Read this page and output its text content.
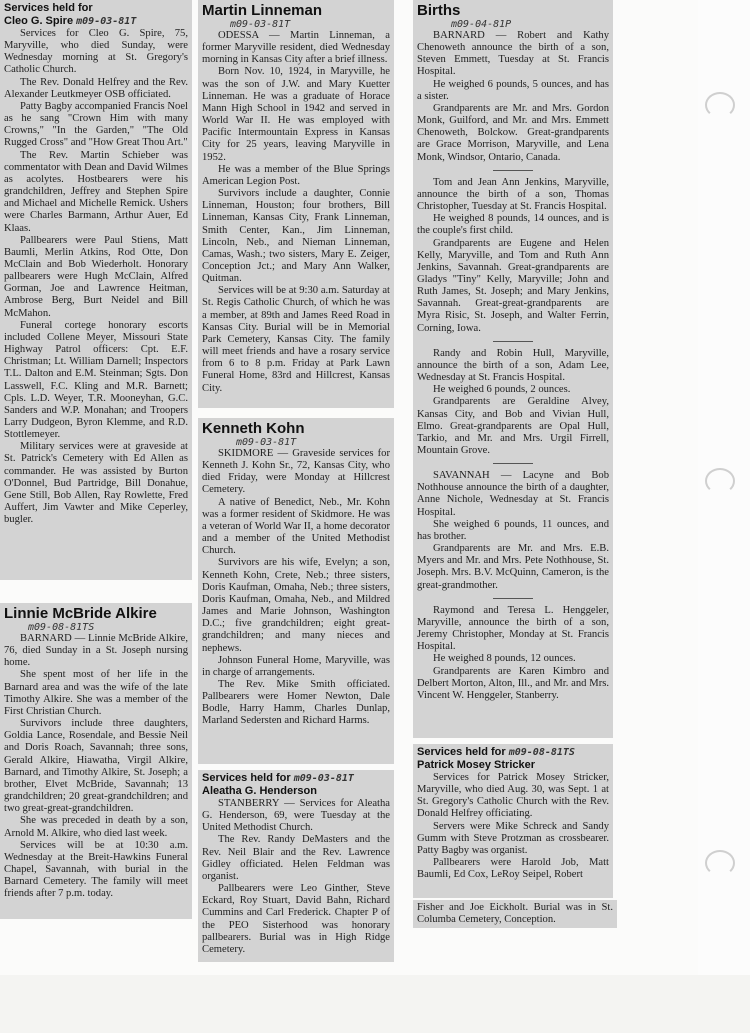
Services held for
Cleo G. Spire m09-03-81T

Services for Cleo G. Spire, 75, Maryville, who died Sunday, were Wednesday morning at St. Gregory's Catholic Church.

The Rev. Donald Helfrey and the Rev. Alexander Leutkmeyer OSB officiated.

Patty Bagby accompanied Francis Noel as he sang "Crown Him with many Crowns," "In the Garden," "The Old Rugged Cross" and "How Great Thou Art."

The Rev. Martin Schieber was commentator with Dean and David Wilmes as acolytes. Hostbearers were his grandchildren, Jeffrey and Stephen Spire and Michael and Michelle Remick. Ushers were Charles Barmann, Arthur Auer, Ed Klaas.

Pallbearers were Paul Stiens, Matt Baumli, Merlin Atkins, Rod Otte, Don McClain and Bob Wiederholt. Honorary pallbearers were Hugh McClain, Alfred Gorman, Joe and Lawrence Heitman, Ambrose Berg, Burt Neidel and Bill McMahon.

Funeral cortege honorary escorts included Collene Meyer, Missouri State Highway Patrol officers: Cpt. E.F. Christman; Lt. William Darnell; Inspectors T.L. Dalton and E.M. Steinman; Sgts. Don Lasswell, F.C. Kling and M.R. Barnett; Cpls. L.D. Weyer, T.R. Mooneyhan, G.C. Sanders and W.P. Monahan; and Troopers Larry Dudgeon, Byron Klemme, and R.D. Stottlemeyer.

Military services were at graveside at St. Patrick's Cemetery with Ed Allen as commander. He was assisted by Burton O'Donnel, Bud Partridge, Bill Donahue, Gene Still, Bob Allen, Ray Rowlette, Fred Auffert, Jim Vawter and Mike Ceperley, bugler.

Linnie McBride Alkire
m09-08-81TS

BARNARD — Linnie McBride Alkire, 76, died Sunday in a St. Joseph nursing home.

She spent most of her life in the Barnard area and was the wife of the late Timothy Alkire. She was a member of the First Christian Church.

Survivors include three daughters, Goldia Lance, Rosendale, and Bessie Neil and Doris Roach, Savannah; three sons, Gerald Alkire, Hiawatha, Virgil Alkire, Barnard, and Timothy Alkire, St. Joseph; a brother, Elvet McBride, Savannah; 13 grandchildren; 20 great-grandchildren; and two great-great-grandchildren.

She was preceded in death by a son, Arnold M. Alkire, who died last week.

Services will be at 10:30 a.m. Wednesday at the Breit-Hawkins Funeral Chapel, Savannah, with burial in the Barnard Cemetery. The family will meet friends after 7 p.m. today.

Martin Linneman
m09-03-81T

ODESSA — Martin Linneman, a former Maryville resident, died Wednesday morning in Kansas City after a brief illness.

Born Nov. 10, 1924, in Maryville, he was the son of J.W. and Mary Kuetter Linneman. He was a graduate of Horace Mann High School in 1942 and served in World War II. He was employed with Pacific Intermountain Express in Kansas City for 25 years, leaving Maryville in 1952.

He was a member of the Blue Springs American Legion Post.

Survivors include a daughter, Connie Linneman, Houston; four brothers, Bill Linneman, Kansas City, Frank Linneman, Smith Center, Kan., Jim Linneman, Lincoln, Neb., and Nieman Linneman, Camas, Wash.; two sisters, Mary E. Zeiger, Conception Jct.; and Mary Ann Walker, Quitman.

Services will be at 9:30 a.m. Saturday at St. Regis Catholic Church, of which he was a member, at 89th and James Reed Road in Kansas City. Burial will be in Memorial Park Cemetery, Kansas City. The family will meet friends and have a rosary service from 6 to 8 p.m. Friday at Park Lawn Funeral Home, 83rd and Hillcrest, Kansas City.

Kenneth Kohn
m09-03-81T

SKIDMORE — Graveside services for Kenneth J. Kohn Sr., 72, Kansas City, who died Friday, were Monday at Hillcrest Cemetery.

A native of Benedict, Neb., Mr. Kohn was a former resident of Skidmore. He was a veteran of World War II, a home decorator and a member of the United Methodist Church.

Survivors are his wife, Evelyn; a son, Kenneth Kohn, Crete, Neb.; three sisters, Doris Kaufman, Omaha, Neb.; three sisters, Doris Kaufman, Omaha, Neb., and Mildred James and Marie Johnson, Washington D.C.; five grandchildren; eight great-grandchildren; and many nieces and nephews.

Johnson Funeral Home, Maryville, was in charge of arrangements.

The Rev. Mike Smith officiated. Pallbearers were Homer Newton, Dale Bodle, Harry Hamm, Charles Dunlap, Marland Sedersten and Richard Harms.

Services held for m09-03-81T
Aleatha G. Henderson

STANBERRY — Services for Aleatha G. Henderson, 69, were Tuesday at the United Methodist Church.

The Rev. Randy DeMasters and the Rev. Neil Blair and the Rev. Lawrence Gidley officiated. Helen Feldman was organist.

Pallbearers were Leo Ginther, Steve Eckard, Roy Stuart, David Bahn, Richard Cummins and Carl Frederick. Chapter P of the PEO Sisterhood was honorary pallbearers. Burial was in High Ridge Cemetery.

Births
m09-04-81P

BARNARD — Robert and Kathy Chenoweth announce the birth of a son, Steven Emmett, Tuesday at St. Francis Hospital.

He weighed 6 pounds, 5 ounces, and has a sister.

Grandparents are Mr. and Mrs. Gordon Monk, Guilford, and Mr. and Mrs. Emmett Chenoweth, Bolckow. Great-grandparents are Grace Morrison, Maryville, and Lena Monk, Windsor, Ontario, Canada.

Tom and Jean Ann Jenkins, Maryville, announce the birth of a son, Thomas Christopher, Tuesday at St. Francis Hospital.

He weighed 8 pounds, 14 ounces, and is the couple's first child.

Grandparents are Eugene and Helen Kelly, Maryville, and Tom and Ruth Ann Jenkins, Savannah. Great-grandparents are Gladys "Tiny" Kelly, Maryville; John and Ruth James, St. Joseph; and Mary Jenkins, Savannah. Great-great-grandparents are Myra Risic, St. Joseph, and Walter Ferrin, Corning, Iowa.

Randy and Robin Hull, Maryville, announce the birth of a son, Adam Lee, Wednesday at St. Francis Hospital.

He weighed 6 pounds, 2 ounces.

Grandparents are Geraldine Alvey, Kansas City, and Bob and Vivian Hull, Elmo. Great-grandparents are Opal Hull, Tarkio, and Mr. and Mrs. Urgil Firrell, Mountain Grove.

SAVANNAH — Lacyne and Bob Nothhouse announce the birth of a daughter, Anne Nichole, Wednesday at St. Francis Hospital.

She weighed 6 pounds, 11 ounces, and has brother.

Grandparents are Mr. and Mrs. E.B. Myers and Mr. and Mrs. Pete Nothhouse, St. Joseph. Mrs. B.V. McQuinn, Cameron, is the great-grandmother.

Raymond and Teresa L. Henggeler, Maryville, announce the birth of a son, Jeremy Christopher, Monday at St. Francis Hospital.

He weighed 8 pounds, 12 ounces.

Grandparents are Karen Kimbro and Delbert Morton, Alton, Ill., and Mr. and Mrs. Vincent W. Henggeler, Stanberry.

Services held for m09-08-81TS
Patrick Mosey Stricker

Services for Patrick Mosey Stricker, Maryville, who died Aug. 30, was Sept. 1 at St. Gregory's Catholic Church with the Rev. Donald Helfrey officiating.

Servers were Mike Schreck and Sandy Gumm with Steve Protzman as crossbearer. Patty Bagby was organist.

Pallbearers were Harold Job, Matt Baumli, Ed Cox, LeRoy Seipel, Robert

Fisher and Joe Eickholt. Burial was in St. Columba Cemetery, Conception.
